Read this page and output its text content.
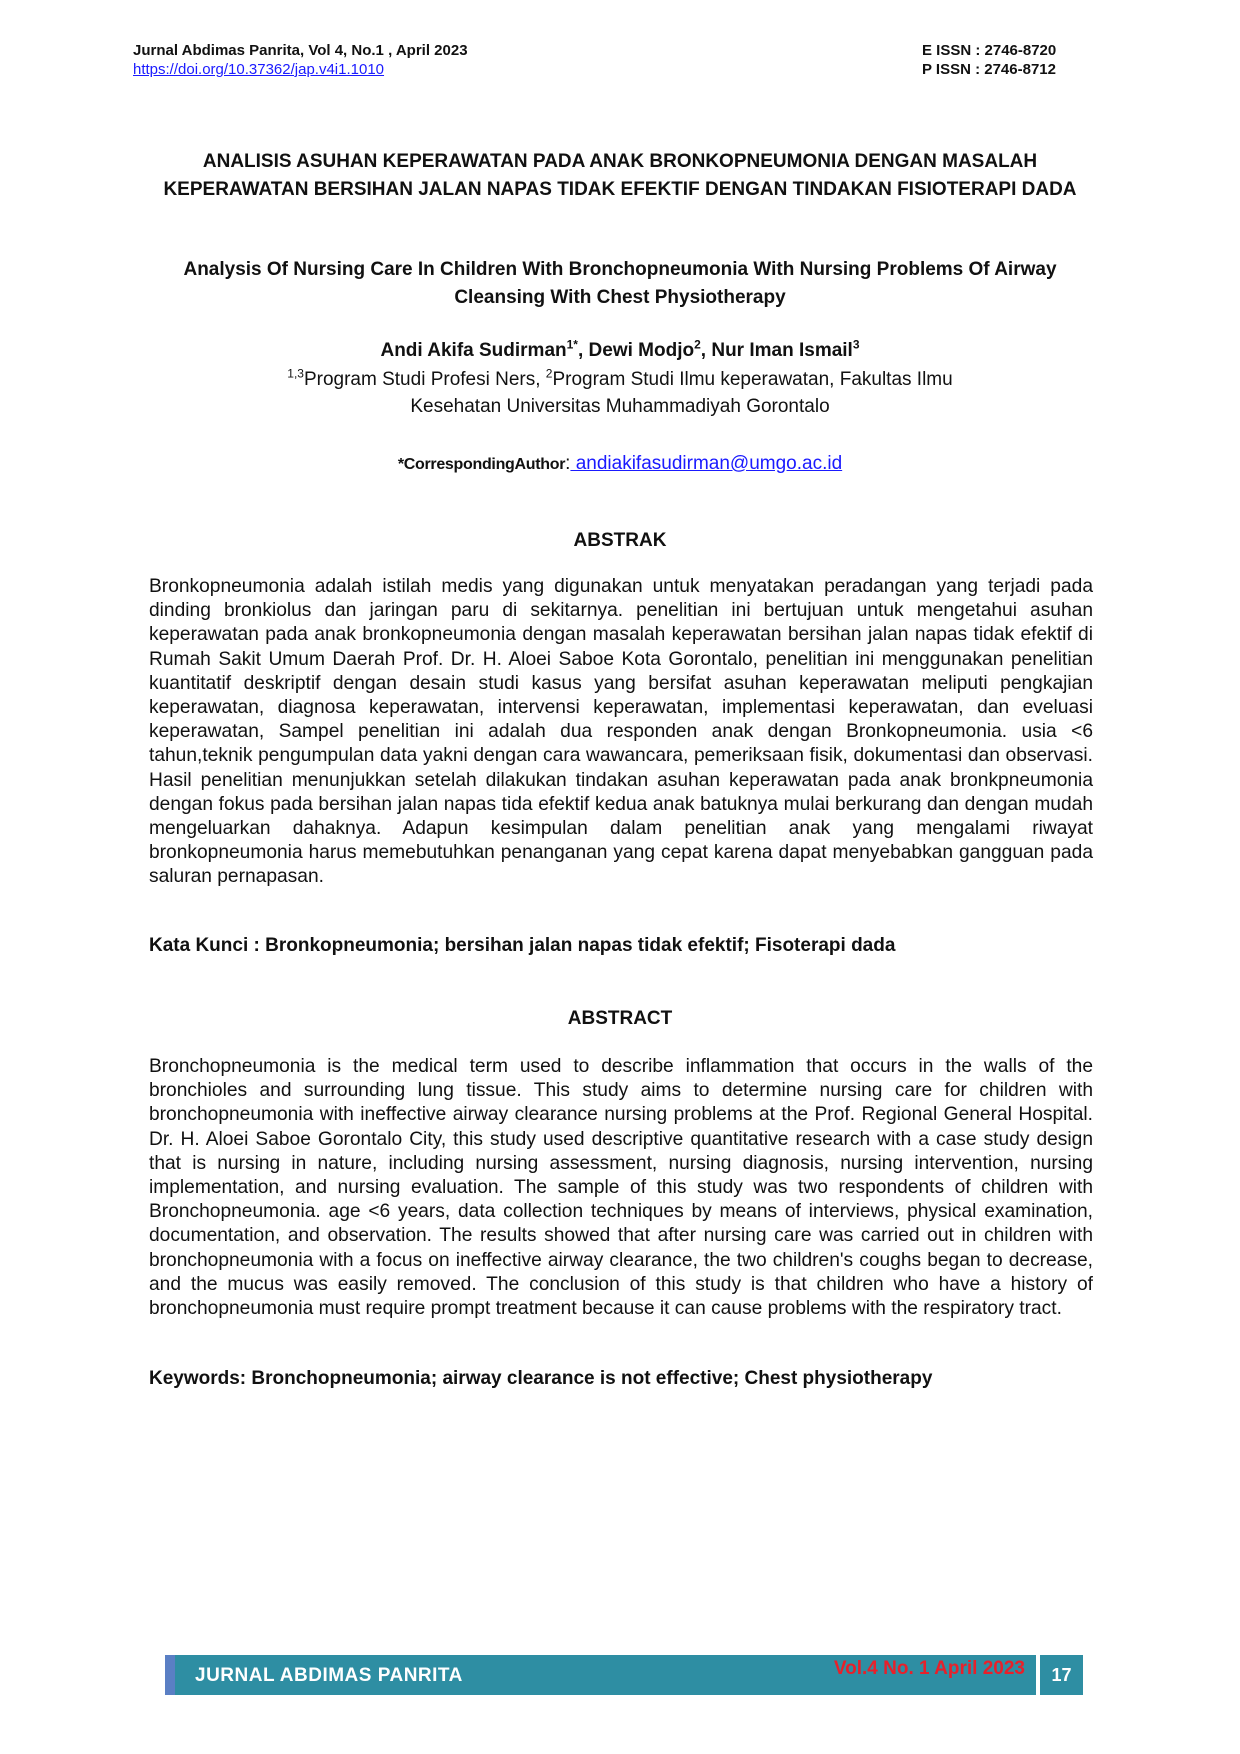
Jurnal Abdimas Panrita, Vol 4, No.1 , April 2023
https://doi.org/10.37362/jap.v4i1.1010
E ISSN : 2746-8720
P ISSN : 2746-8712
ANALISIS ASUHAN KEPERAWATAN PADA ANAK BRONKOPNEUMONIA DENGAN MASALAH KEPERAWATAN BERSIHAN JALAN NAPAS TIDAK EFEKTIF DENGAN TINDAKAN FISIOTERAPI DADA
Analysis Of Nursing Care In Children With Bronchopneumonia With Nursing Problems Of Airway Cleansing With Chest Physiotherapy
Andi Akifa Sudirman$^{1*}$, Dewi Modjo$^2$, Nur Iman Ismail$^3$
$^{1,3}$Program Studi Profesi Ners, $^2$Program Studi Ilmu keperawatan, Fakultas Ilmu Kesehatan Universitas Muhammadiyah Gorontalo
*CorrespondingAuthor: andiakifasudirman@umgo.ac.id
ABSTRAK

Bronkopneumonia adalah istilah medis yang digunakan untuk menyatakan peradangan yang terjadi pada dinding bronkiolus dan jaringan paru di sekitarnya. penelitian ini bertujuan untuk mengetahui asuhan keperawatan pada anak bronkopneumonia dengan masalah keperawatan bersihan jalan napas tidak efektif di Rumah Sakit Umum Daerah Prof. Dr. H. Aloei Saboe Kota Gorontalo, penelitian ini menggunakan penelitian kuantitatif deskriptif dengan desain studi kasus yang bersifat asuhan keperawatan meliputi pengkajian keperawatan, diagnosa keperawatan, intervensi keperawatan, implementasi keperawatan, dan eveluasi keperawatan, Sampel penelitian ini adalah dua responden anak dengan Bronkopneumonia. usia <6 tahun,teknik pengumpulan data yakni dengan cara wawancara, pemeriksaan fisik, dokumentasi dan observasi. Hasil penelitian menunjukkan setelah dilakukan tindakan asuhan keperawatan pada anak bronkpneumonia dengan fokus pada bersihan jalan napas tida efektif kedua anak batuknya mulai berkurang dan dengan mudah mengeluarkan dahaknya. Adapun kesimpulan dalam penelitian anak yang mengalami riwayat bronkopneumonia harus memebutuhkan penanganan yang cepat karena dapat menyebabkan gangguan pada saluran pernapasan.

Kata Kunci : Bronkopneumonia; bersihan jalan napas tidak efektif; Fisoterapi dada
ABSTRACT

Bronchopneumonia is the medical term used to describe inflammation that occurs in the walls of the bronchioles and surrounding lung tissue. This study aims to determine nursing care for children with bronchopneumonia with ineffective airway clearance nursing problems at the Prof. Regional General Hospital. Dr. H. Aloei Saboe Gorontalo City, this study used descriptive quantitative research with a case study design that is nursing in nature, including nursing assessment, nursing diagnosis, nursing intervention, nursing implementation, and nursing evaluation. The sample of this study was two respondents of children with Bronchopneumonia. age <6 years, data collection techniques by means of interviews, physical examination, documentation, and observation. The results showed that after nursing care was carried out in children with bronchopneumonia with a focus on ineffective airway clearance, the two children's coughs began to decrease, and the mucus was easily removed. The conclusion of this study is that children who have a history of bronchopneumonia must require prompt treatment because it can cause problems with the respiratory tract.

Keywords: Bronchopneumonia; airway clearance is not effective; Chest physiotherapy
JURNAL ABDIMAS PANRITA	Vol.4 No. 1 April 2023	17
